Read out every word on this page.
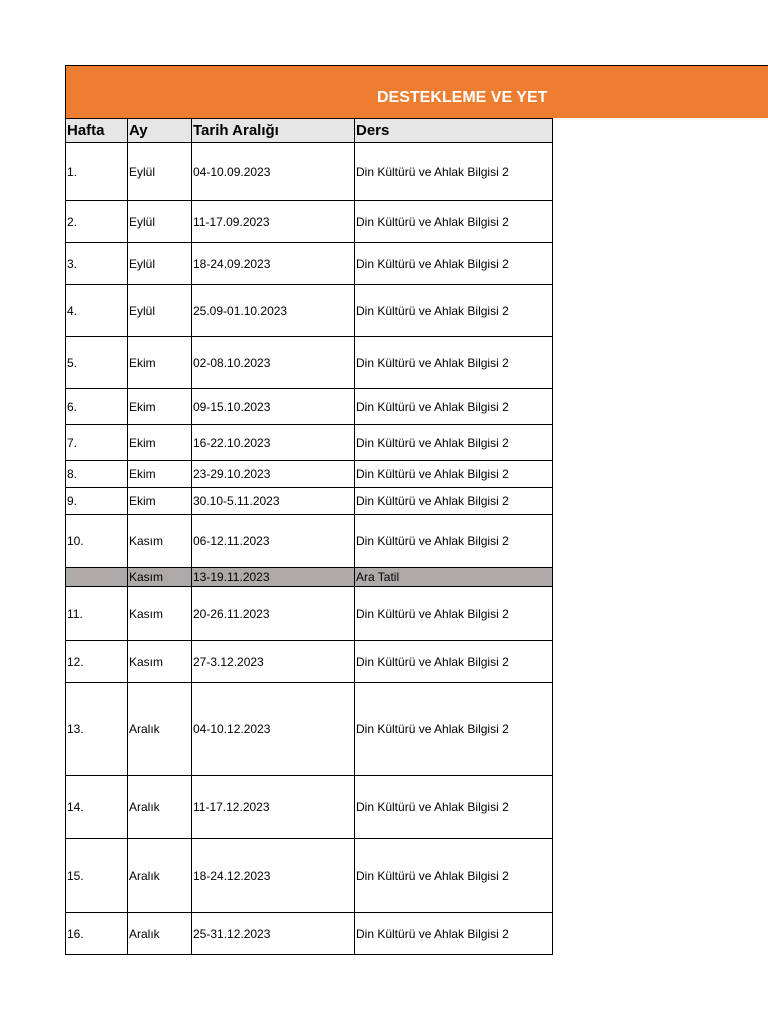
DESTEKLEME VE YET
Hafta	Ay	Tarih Aralığı	Ders
1.	Eylül	04-10.09.2023	Din Kültürü ve Ahlak Bilgisi 2
2.	Eylül	11-17.09.2023	Din Kültürü ve Ahlak Bilgisi 2
3.	Eylül	18-24.09.2023	Din Kültürü ve Ahlak Bilgisi 2
4.	Eylül	25.09-01.10.2023	Din Kültürü ve Ahlak Bilgisi 2
5.	Ekim	02-08.10.2023	Din Kültürü ve Ahlak Bilgisi 2
6.	Ekim	09-15.10.2023	Din Kültürü ve Ahlak Bilgisi 2
7.	Ekim	16-22.10.2023	Din Kültürü ve Ahlak Bilgisi 2
8.	Ekim	23-29.10.2023	Din Kültürü ve Ahlak Bilgisi 2
9.	Ekim	30.10-5.11.2023	Din Kültürü ve Ahlak Bilgisi 2
10.	Kasım	06-12.11.2023	Din Kültürü ve Ahlak Bilgisi 2
	Kasım	13-19.11.2023	Ara Tatil
11.	Kasım	20-26.11.2023	Din Kültürü ve Ahlak Bilgisi 2
12.	Kasım	27-3.12.2023	Din Kültürü ve Ahlak Bilgisi 2
13.	Aralık	04-10.12.2023	Din Kültürü ve Ahlak Bilgisi 2
14.	Aralık	11-17.12.2023	Din Kültürü ve Ahlak Bilgisi 2
15.	Aralık	18-24.12.2023	Din Kültürü ve Ahlak Bilgisi 2
16.	Aralık	25-31.12.2023	Din Kültürü ve Ahlak Bilgisi 2
